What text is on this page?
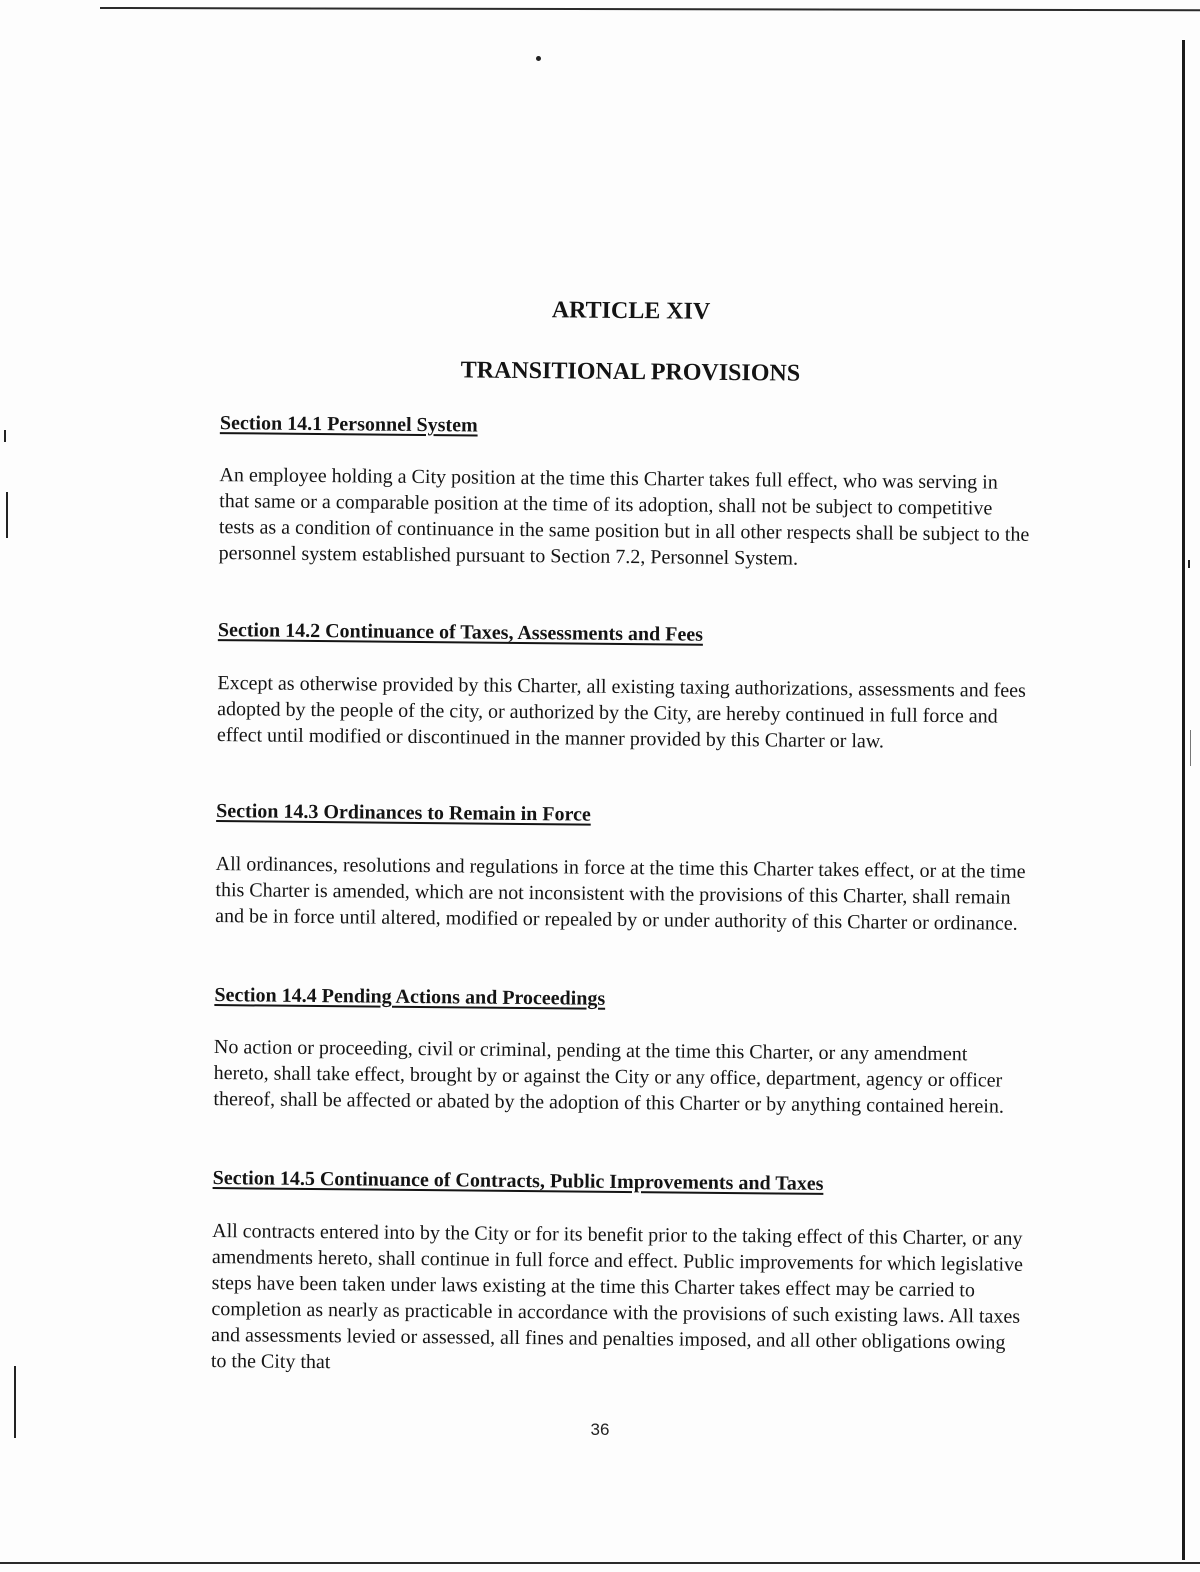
ARTICLE XIV
TRANSITIONAL PROVISIONS
Section 14.1 Personnel System
An employee holding a City position at the time this Charter takes full effect, who was serving in that same or a comparable position at the time of its adoption, shall not be subject to competitive tests as a condition of continuance in the same position but in all other respects shall be subject to the personnel system established pursuant to Section 7.2, Personnel System.
Section 14.2 Continuance of Taxes, Assessments and Fees
Except as otherwise provided by this Charter, all existing taxing authorizations, assessments and fees adopted by the people of the city, or authorized by the City, are hereby continued in full force and effect until modified or discontinued in the manner provided by this Charter or law.
Section 14.3 Ordinances to Remain in Force
All ordinances, resolutions and regulations in force at the time this Charter takes effect, or at the time this Charter is amended, which are not inconsistent with the provisions of this Charter, shall remain and be in force until altered, modified or repealed by or under authority of this Charter or ordinance.
Section 14.4 Pending Actions and Proceedings
No action or proceeding, civil or criminal, pending at the time this Charter, or any amendment hereto, shall take effect, brought by or against the City or any office, department, agency or officer thereof, shall be affected or abated by the adoption of this Charter or by anything contained herein.
Section 14.5 Continuance of Contracts, Public Improvements and Taxes
All contracts entered into by the City or for its benefit prior to the taking effect of this Charter, or any amendments hereto, shall continue in full force and effect. Public improvements for which legislative steps have been taken under laws existing at the time this Charter takes effect may be carried to completion as nearly as practicable in accordance with the provisions of such existing laws. All taxes and assessments levied or assessed, all fines and penalties imposed, and all other obligations owing to the City that
36
